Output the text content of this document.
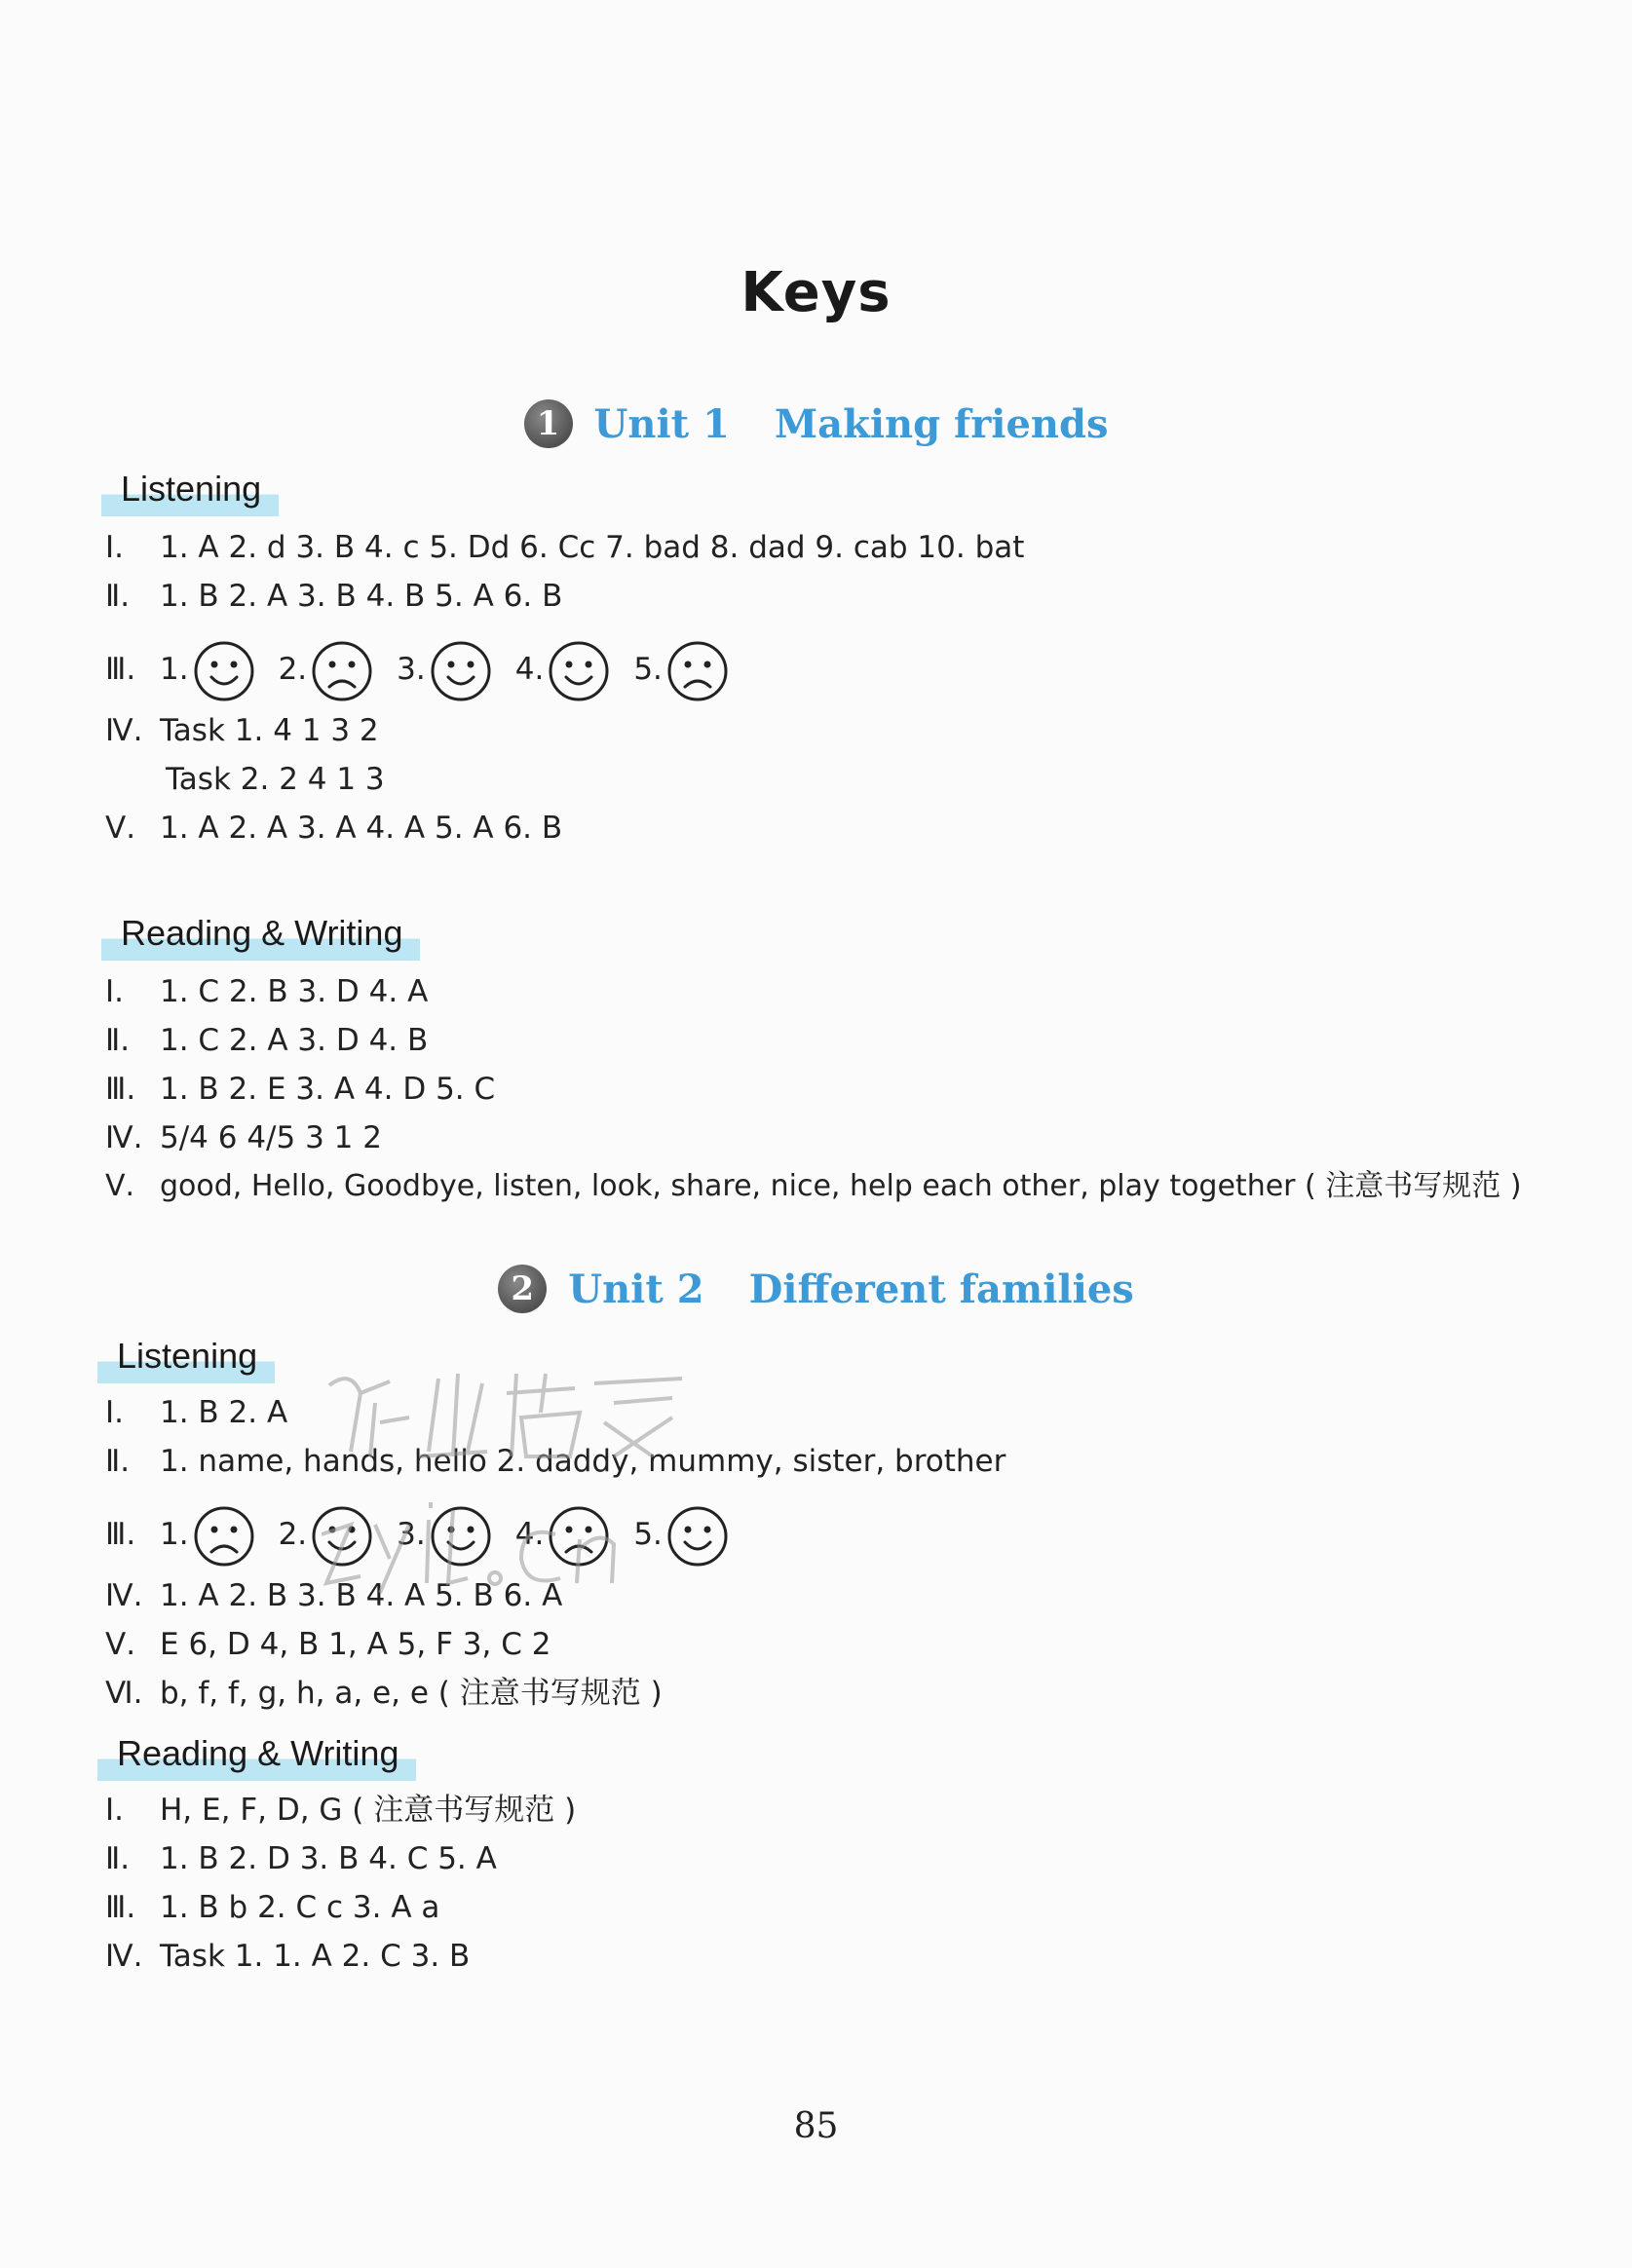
Keys
1 Unit 1 Making friends
Listening
Ⅰ. 1. A 2. d 3. B 4. c 5. Dd 6. Cc 7. bad 8. dad 9. cab 10. bat
Ⅱ. 1. B 2. A 3. B 4. B 5. A 6. B
Ⅲ. 1.	2.	3.	4.	5.
Ⅳ. Task 1. 4 1 3 2
Task 2. 2 4 1 3
Ⅴ. 1. A 2. A 3. A 4. A 5. A 6. B
Reading & Writing
Ⅰ. 1. C 2. B 3. D 4. A
Ⅱ. 1. C 2. A 3. D 4. B
Ⅲ. 1. B 2. E 3. A 4. D 5. C
Ⅳ. 5/4 6 4/5 3 1 2
Ⅴ. good, Hello, Goodbye, listen, look, share, nice, help each other, play together ( 注意书写规范 )
2 Unit 2 Different families
Listening
Ⅰ. 1. B 2. A
Ⅱ. 1. name, hands, hello 2. daddy, mummy, sister, brother
Ⅲ. 1.	2.	3.	4.	5.
Ⅳ. 1. A 2. B 3. B 4. A 5. B 6. A
Ⅴ. E 6, D 4, B 1, A 5, F 3, C 2
Ⅵ. b, f, f, g, h, a, e, e ( 注意书写规范 )
Reading & Writing
Ⅰ. H, E, F, D, G ( 注意书写规范 )
Ⅱ. 1. B 2. D 3. B 4. C 5. A
Ⅲ. 1. B b 2. C c 3. A a
Ⅳ. Task 1. 1. A 2. C 3. B
85
